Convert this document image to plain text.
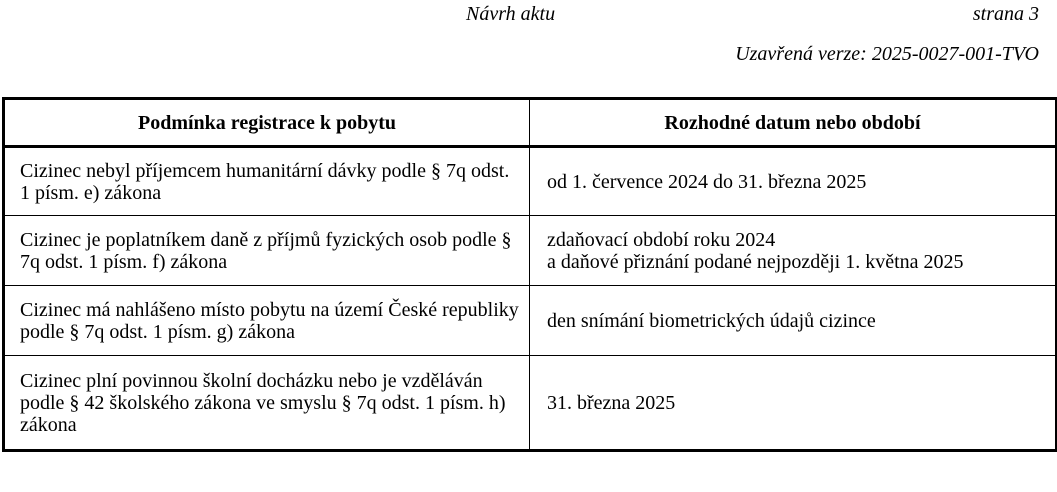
Návrh aktu	strana 3
Uzavřená verze: 2025-0027-001-TVO
Podmínka registrace k pobytu	Rozhodné datum nebo období
Cizinec nebyl příjemcem humanitární dávky podle § 7q odst. 1 písm. e) zákona	od 1. července 2024 do 31. března 2025

Cizinec je poplatníkem daně z příjmů fyzických osob podle § 7q odst. 1 písm. f) zákona	zdaňovací období roku 2024
a daňové přiznání podané nejpozději 1. května 2025

Cizinec má nahlášeno místo pobytu na území České republiky podle § 7q odst. 1 písm. g) zákona	den snímání biometrických údajů cizince

Cizinec plní povinnou školní docházku nebo je vzděláván podle § 42 školského zákona ve smyslu § 7q odst. 1 písm. h) zákona	31. března 2025
